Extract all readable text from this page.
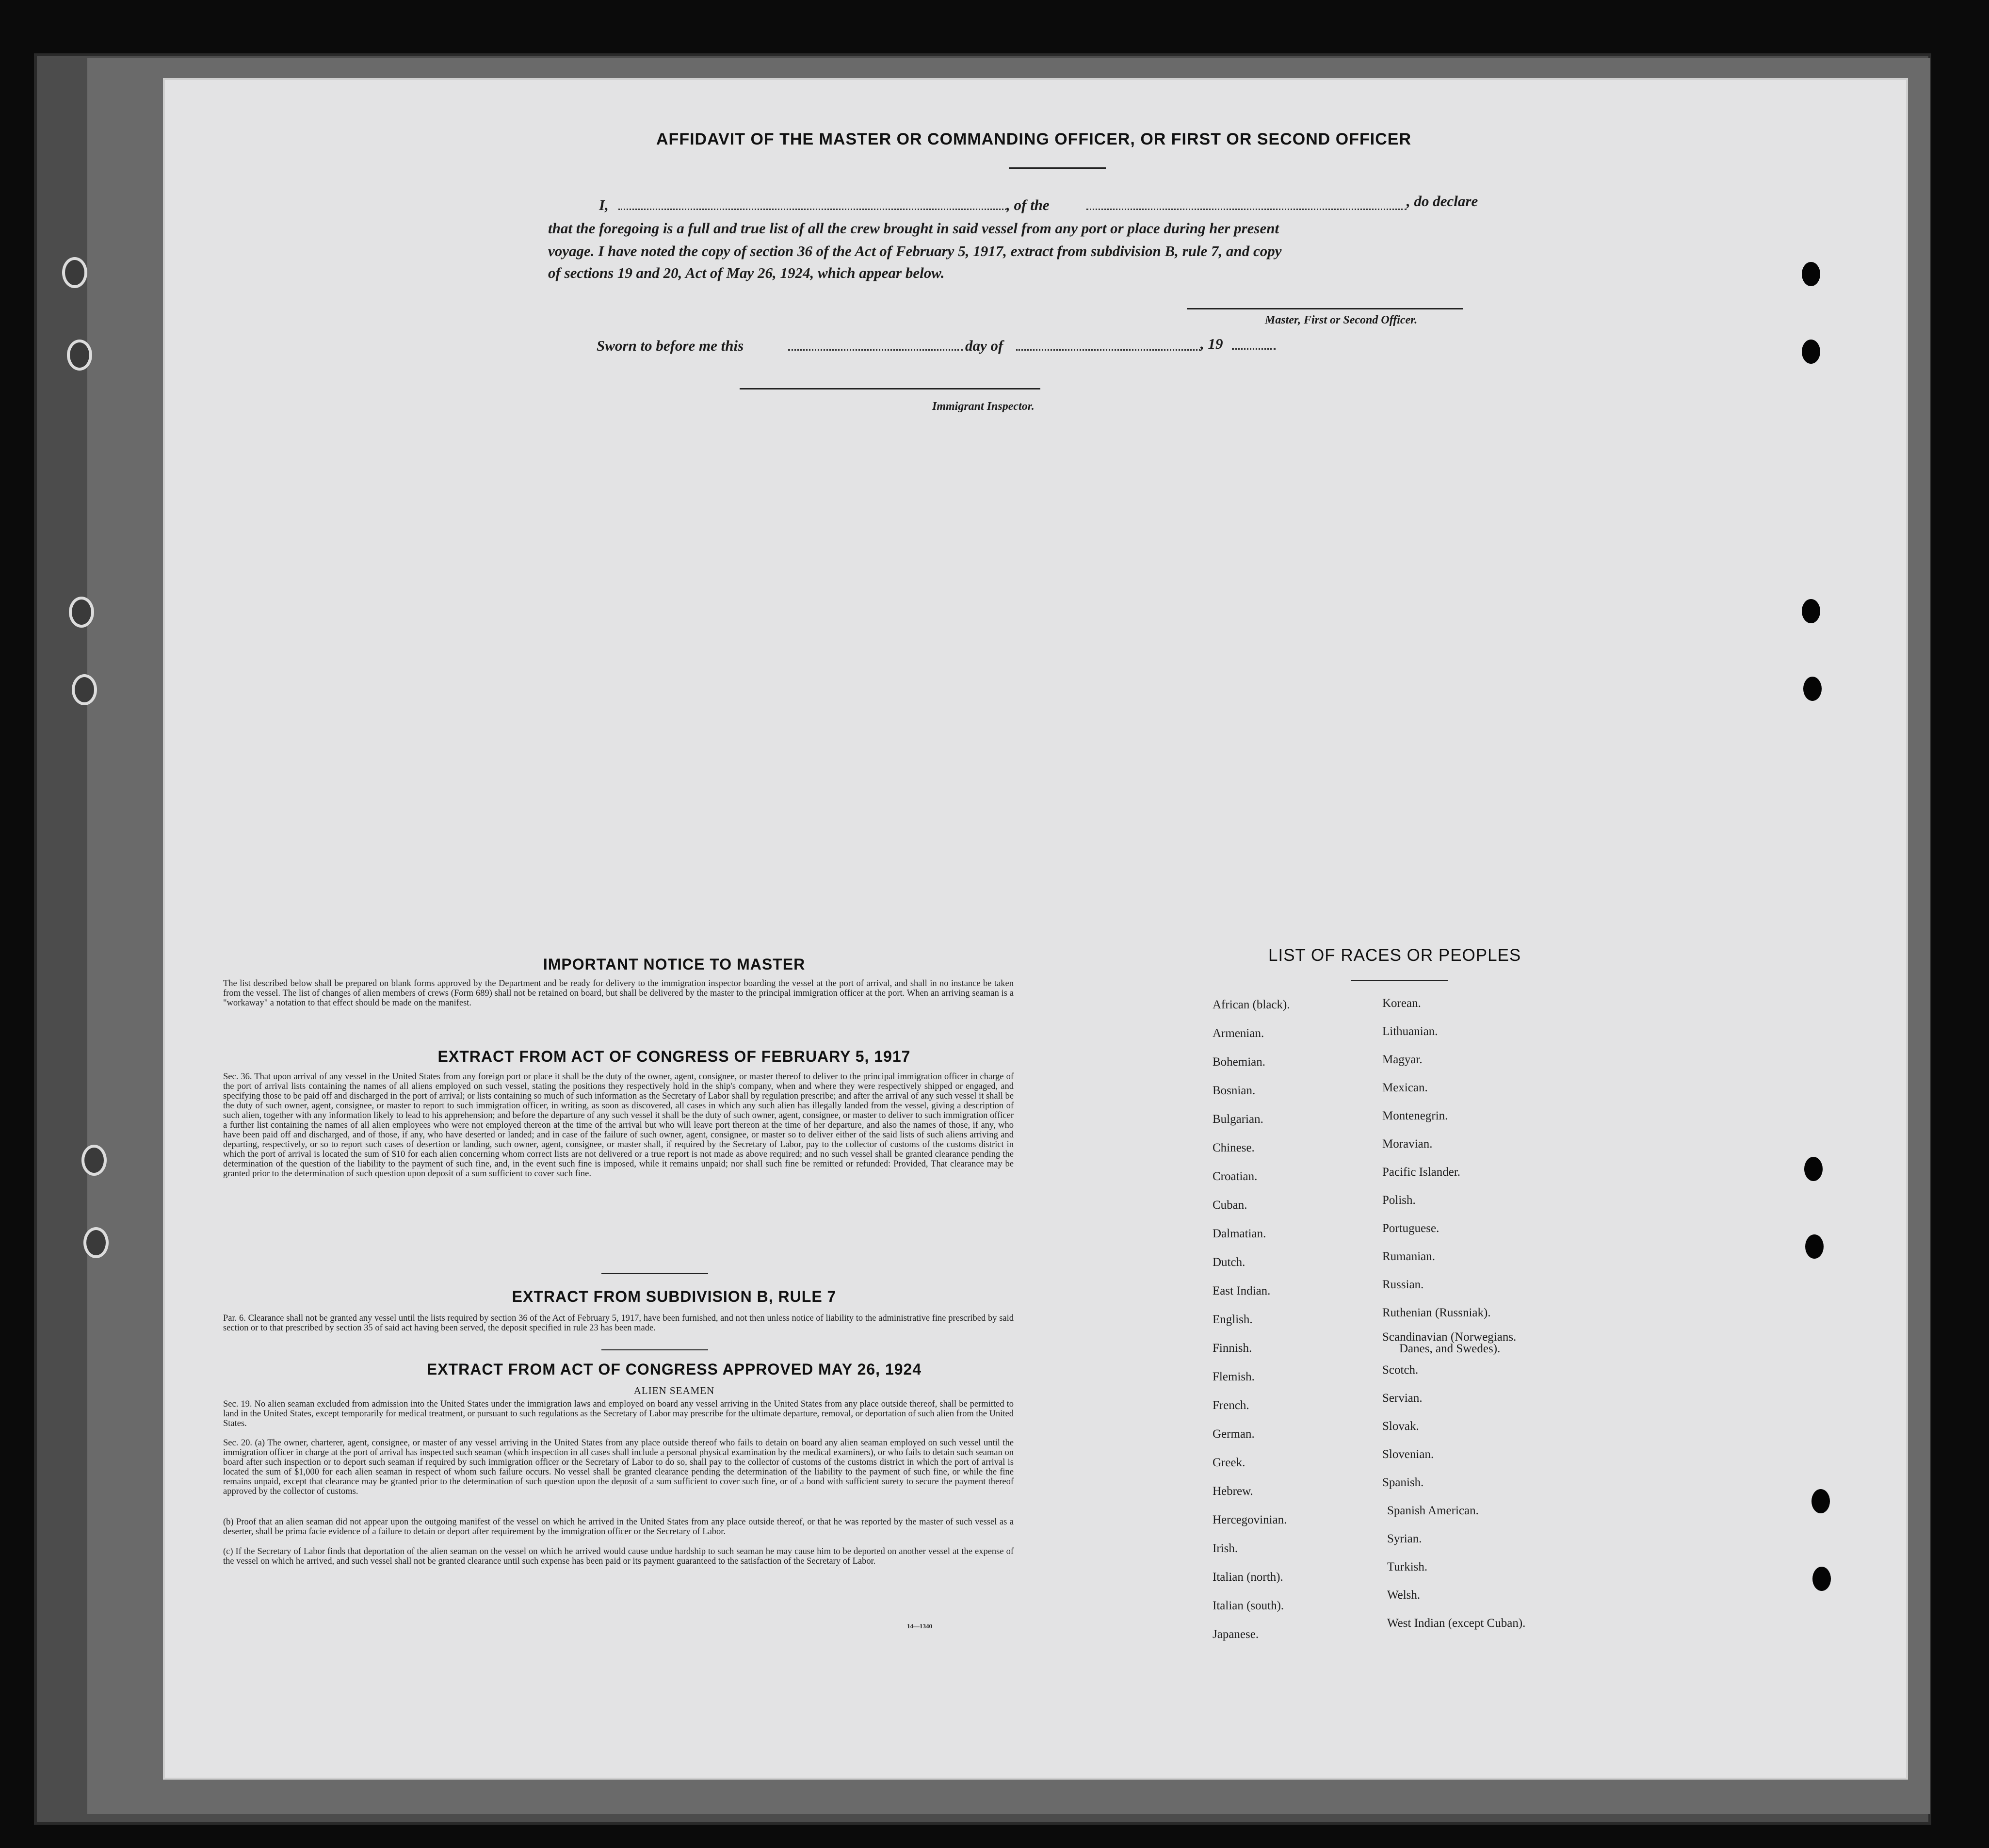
AFFIDAVIT OF THE MASTER OR COMMANDING OFFICER, OR FIRST OR SECOND OFFICER
I,	, of the	, do declare
that the foregoing is a full and true list of all the crew brought in said vessel from any port or place during her present
voyage. I have noted the copy of section 36 of the Act of February 5, 1917, extract from subdivision B, rule 7, and copy
of sections 19 and 20, Act of May 26, 1924, which appear below.
Master, First or Second Officer.
Sworn to before me this	day of	, 19
Immigrant Inspector.
IMPORTANT NOTICE TO MASTER
The list described below shall be prepared on blank forms approved by the Department and be ready for delivery to the immigration inspector boarding the vessel at the port of arrival, and shall in no instance be taken from the vessel. The list of changes of alien members of crews (Form 689) shall not be retained on board, but shall be delivered by the master to the principal immigration officer at the port. When an arriving seaman is a "workaway" a notation to that effect should be made on the manifest.
EXTRACT FROM ACT OF CONGRESS OF FEBRUARY 5, 1917
Sec. 36. That upon arrival of any vessel in the United States from any foreign port or place it shall be the duty of the owner, agent, consignee, or master thereof to deliver to the principal immigration officer in charge of the port of arrival lists containing the names of all aliens employed on such vessel, stating the positions they respectively hold in the ship's company, when and where they were respectively shipped or engaged, and specifying those to be paid off and discharged in the port of arrival; or lists containing so much of such information as the Secretary of Labor shall by regulation prescribe; and after the arrival of any such vessel it shall be the duty of such owner, agent, consignee, or master to report to such immigration officer, in writing, as soon as discovered, all cases in which any such alien has illegally landed from the vessel, giving a description of such alien, together with any information likely to lead to his apprehension; and before the departure of any such vessel it shall be the duty of such owner, agent, consignee, or master to deliver to such immigration officer a further list containing the names of all alien employees who were not employed thereon at the time of the arrival but who will leave port thereon at the time of her departure, and also the names of those, if any, who have been paid off and discharged, and of those, if any, who have deserted or landed; and in case of the failure of such owner, agent, consignee, or master so to deliver either of the said lists of such aliens arriving and departing, respectively, or so to report such cases of desertion or landing, such owner, agent, consignee, or master shall, if required by the Secretary of Labor, pay to the collector of customs of the customs district in which the port of arrival is located the sum of $10 for each alien concerning whom correct lists are not delivered or a true report is not made as above required; and no such vessel shall be granted clearance pending the determination of the question of the liability to the payment of such fine, and, in the event such fine is imposed, while it remains unpaid; nor shall such fine be remitted or refunded: Provided, That clearance may be granted prior to the determination of such question upon deposit of a sum sufficient to cover such fine.
EXTRACT FROM SUBDIVISION B, RULE 7
Par. 6. Clearance shall not be granted any vessel until the lists required by section 36 of the Act of February 5, 1917, have been furnished, and not then unless notice of liability to the administrative fine prescribed by said section or to that prescribed by section 35 of said act having been served, the deposit specified in rule 23 has been made.
EXTRACT FROM ACT OF CONGRESS APPROVED MAY 26, 1924
ALIEN SEAMEN
Sec. 19. No alien seaman excluded from admission into the United States under the immigration laws and employed on board any vessel arriving in the United States from any place outside thereof, shall be permitted to land in the United States, except temporarily for medical treatment, or pursuant to such regulations as the Secretary of Labor may prescribe for the ultimate departure, removal, or deportation of such alien from the United States.
Sec. 20. (a) The owner, charterer, agent, consignee, or master of any vessel arriving in the United States from any place outside thereof who fails to detain on board any alien seaman employed on such vessel until the immigration officer in charge at the port of arrival has inspected such seaman (which inspection in all cases shall include a personal physical examination by the medical examiners), or who fails to detain such seaman on board after such inspection or to deport such seaman if required by such immigration officer or the Secretary of Labor to do so, shall pay to the collector of customs of the customs district in which the port of arrival is located the sum of $1,000 for each alien seaman in respect of whom such failure occurs. No vessel shall be granted clearance pending the determination of the liability to the payment of such fine, or while the fine remains unpaid, except that clearance may be granted prior to the determination of such question upon the deposit of a sum sufficient to cover such fine, or of a bond with sufficient surety to secure the payment thereof approved by the collector of customs.
(b) Proof that an alien seaman did not appear upon the outgoing manifest of the vessel on which he arrived in the United States from any place outside thereof, or that he was reported by the master of such vessel as a deserter, shall be prima facie evidence of a failure to detain or deport after requirement by the immigration officer or the Secretary of Labor.
(c) If the Secretary of Labor finds that deportation of the alien seaman on the vessel on which he arrived would cause undue hardship to such seaman he may cause him to be deported on another vessel at the expense of the vessel on which he arrived, and such vessel shall not be granted clearance until such expense has been paid or its payment guaranteed to the satisfaction of the Secretary of Labor.
14—1340
LIST OF RACES OR PEOPLES
African (black).
Armenian.
Bohemian.
Bosnian.
Bulgarian.
Chinese.
Croatian.
Cuban.
Dalmatian.
Dutch.
East Indian.
English.
Finnish.
Flemish.
French.
German.
Greek.
Hebrew.
Hercegovinian.
Irish.
Italian (north).
Italian (south).
Japanese.
Korean.
Lithuanian.
Magyar.
Mexican.
Montenegrin.
Moravian.
Pacific Islander.
Polish.
Portuguese.
Rumanian.
Russian.
Ruthenian (Russniak).
Scandinavian (Norwegians.
Danes, and Swedes).
Scotch.
Servian.
Slovak.
Slovenian.
Spanish.
Spanish American.
Syrian.
Turkish.
Welsh.
West Indian (except Cuban).
